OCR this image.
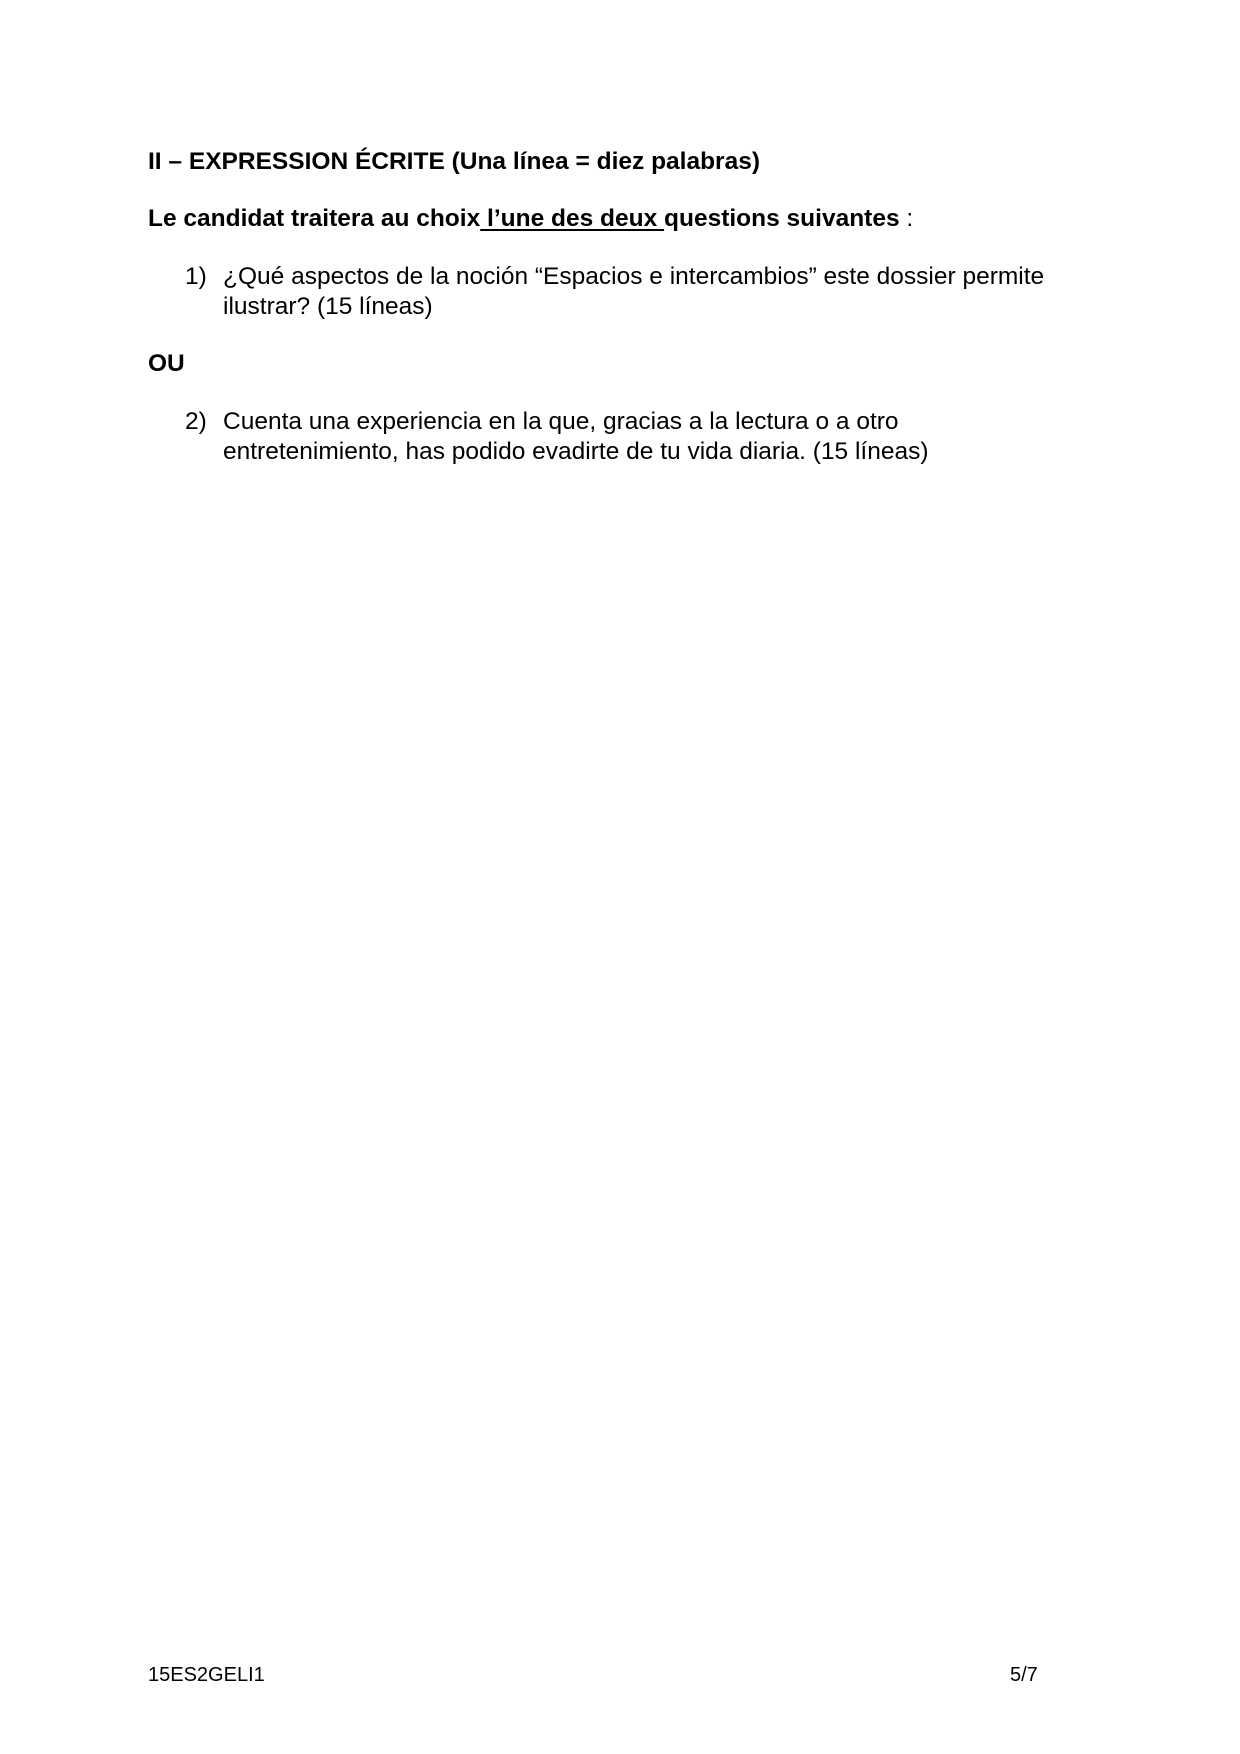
II – EXPRESSION ÉCRITE (Una línea = diez palabras)
Le candidat traitera au choix l’une des deux questions suivantes :
1) ¿Qué aspectos de la noción “Espacios e intercambios” este dossier permite
ilustrar? (15 líneas)
OU
2) Cuenta una experiencia en la que, gracias a la lectura o a otro
entretenimiento, has podido evadirte de tu vida diaria. (15 líneas)
15ES2GELI1	5/7
